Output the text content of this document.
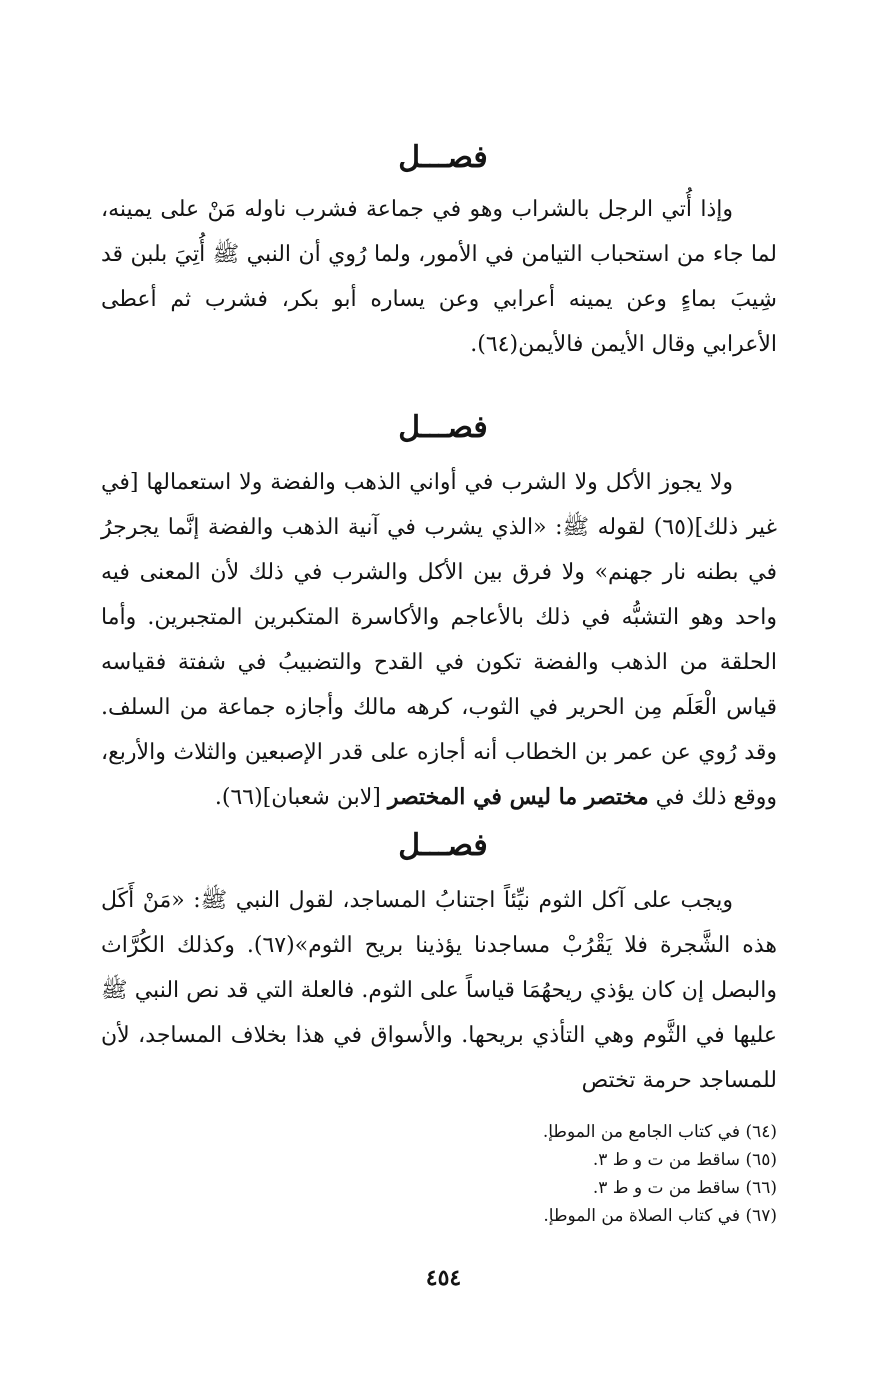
فصـــل

وإذا أُتي الرجل بالشراب وهو في جماعة فشرب ناوله مَنْ على يمينه، لما جاء من استحباب التيامن في الأمور، ولما رُوي أن النبي ﷺ أُتِيَ بلبن قد شِيبَ بماءٍ وعن يمينه أعرابي وعن يساره أبو بكر، فشرب ثم أعطى الأعرابي وقال الأيمن فالأيمن(٦٤).

فصـــل

ولا يجوز الأكل ولا الشرب في أواني الذهب والفضة ولا استعمالها [في غير ذلك](٦٥) لقوله ﷺ: «الذي يشرب في آنية الذهب والفضة إنَّما يجرجرُ في بطنه نار جهنم» ولا فرق بين الأكل والشرب في ذلك لأن المعنى فيه واحد وهو التشبُّه في ذلك بالأعاجم والأكاسرة المتكبرين المتجبرين. وأما الحلقة من الذهب والفضة تكون في القدح والتضبيبُ في شفتة فقياسه قياس الْعَلَم مِن الحرير في الثوب، كرهه مالك وأجازه جماعة من السلف. وقد رُوي عن عمر بن الخطاب أنه أجازه على قدر الإصبعين والثلاث والأربع، ووقع ذلك في مختصر ما ليس في المختصر [لابن شعبان](٦٦).

فصـــل

ويجب على آكل الثوم نيِّئاً اجتنابُ المساجد، لقول النبي ﷺ: «مَنْ أَكَل هذه الشَّجرة فلا يَقْرُبْ مساجدنا يؤذينا بريح الثوم»(٦٧). وكذلك الكُرَّاث والبصل إن كان يؤذي ريحهُمَا قياساً على الثوم. فالعلة التي قد نص النبي ﷺ عليها في الثَّوم وهي التأذي بريحها. والأسواق في هذا بخلاف المساجد، لأن للمساجد حرمة تختص

(٦٤) في كتاب الجامع من الموطإ.

(٦٥) ساقط من ت و ط ٣.

(٦٦) ساقط من ت و ط ٣.

(٦٧) في كتاب الصلاة من الموطإ.

٤٥٤
